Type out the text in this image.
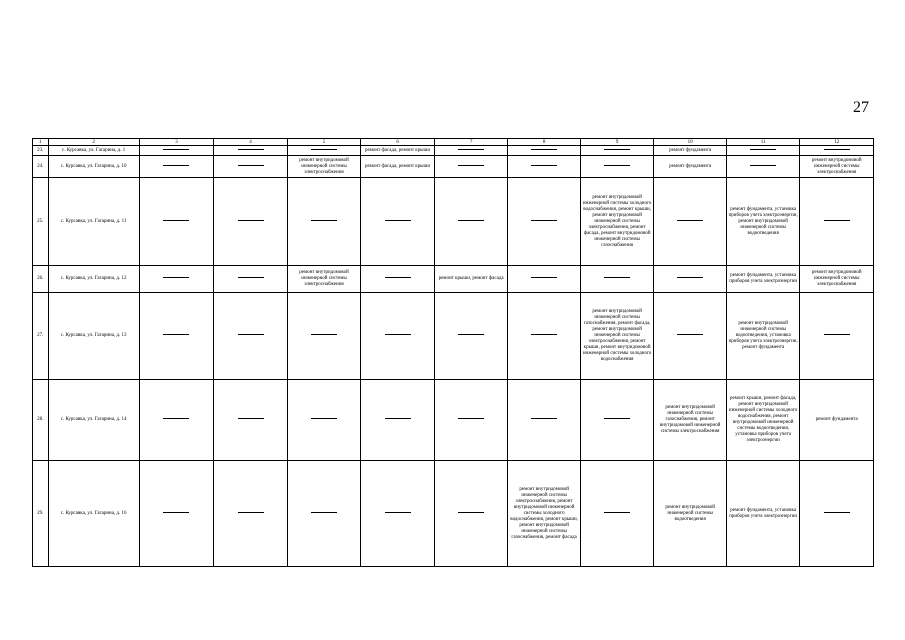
27
1	2	3	4	5	6	7	8	9	10	11	12
23.	с. Курсавка, ул. Гагарина, д. 1				ремонт фасада, ремонт крыши				ремонт фундамента		
24.	с. Курсавка, ул. Гагарина, д. 10			ремонт внутридомовой инженерной системы электроснабжения	ремонт фасада, ремонт крыши				ремонт фундамента		ремонт внутридомовой инженерной системы электроснабжения
25.	с. Курсавка, ул. Гагарина, д. 11							ремонт внутридомовой инженерной системы холодного водоснабжения, ремонт крыши, ремонт внутридомовой инженерной системы электроснабжения, ремонт фасада, ремонт внутридомовой инженерной системы газоснабжения		ремонт фундамента, установка приборов учета электроэнергии, ремонт внутридомовой инженерной системы водоотведения	
26.	с. Курсавка, ул. Гагарина, д. 12			ремонт внутридомовой инженерной системы электроснабжения		ремонт крыши, ремонт фасада				ремонт фундамента, установка приборов учета электроэнергии	ремонт внутридомовой инженерной системы электроснабжения
27.	с. Курсавка, ул. Гагарина, д. 13							ремонт внутридомовой инженерной системы газоснабжения, ремонт фасада, ремонт внутридомовой инженерной системы электроснабжения, ремонт крыши, ремонт внутридомовой инженерной системы холодного водоснабжения		ремонт внутридомовой инженерной системы водоотведения, установка приборов учета электроэнергии, ремонт фундамента	
28.	с. Курсавка, ул. Гагарина, д. 14								ремонт внутридомовой инженерной системы газоснабжения, ремонт внутридомовой инженерной системы электроснабжения	ремонт крыши, ремонт фасада, ремонт внутридомовой инженерной системы холодного водоснабжения, ремонт внутридомовой инженерной системы водоотведения, установка приборов учета электроэнергии	ремонт фундамента
29.	с. Курсавка, ул. Гагарина, д. 16						ремонт внутридомовой инженерной системы электроснабжения, ремонт внутридомовой инженерной системы холодного водоснабжения, ремонт крыши, ремонт внутридомовой инженерной системы газоснабжения, ремонт фасада		ремонт внутридомовой инженерной системы водоотведения	ремонт фундамента, установка приборов учета электроэнергии	
